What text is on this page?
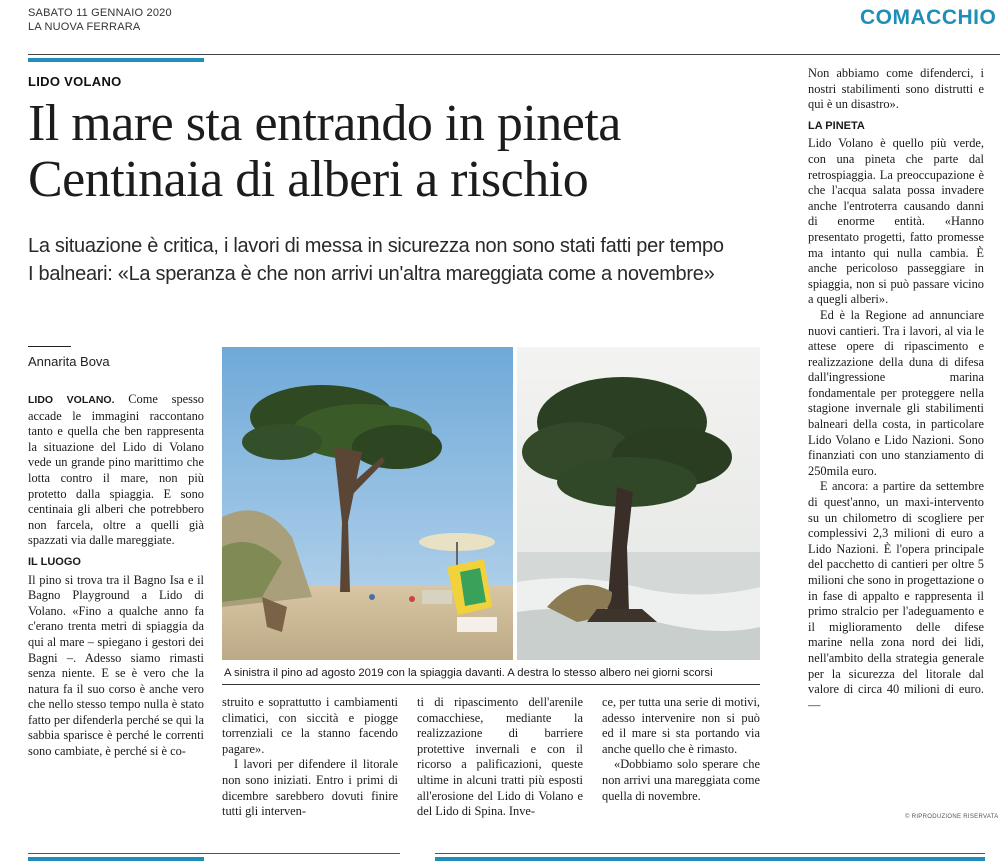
SABATO 11 GENNAIO 2020
LA NUOVA FERRARA	COMACCHIO
LIDO VOLANO
Il mare sta entrando in pineta
Centinaia di alberi a rischio
La situazione è critica, i lavori di messa in sicurezza non sono stati fatti per tempo
I balneari: «La speranza è che non arrivi un'altra mareggiata come a novembre»
Annarita Bova

LIDO VOLANO. Come spesso accade le immagini raccontano tanto e quella che ben rappresenta la situazione del Lido di Volano vede un grande pino marittimo che lotta contro il mare, non più protetto dalla spiaggia. E sono centinaia gli alberi che potrebbero non farcela, oltre a quelli già spazzati via dalle mareggiate.

IL LUOGO

Il pino si trova tra il Bagno Isa e il Bagno Playground a Lido di Volano. «Fino a qualche anno fa c'erano trenta metri di spiaggia da qui al mare – spiegano i gestori dei Bagni –. Adesso siamo rimasti senza niente. E se è vero che la natura fa il suo corso è anche vero che nello stesso tempo nulla è stato fatto per difenderla perché se qui la sabbia sparisce è perché le correnti sono cambiate, è perché si è co-

A sinistra il pino ad agosto 2019 con la spiaggia davanti. A destra lo stesso albero nei giorni scorsi

struito e soprattutto i cambiamenti climatici, con siccità e piogge torrenziali ce la stanno facendo pagare».

I lavori per difendere il litorale non sono iniziati. Entro i primi di dicembre sarebbero dovuti finire tutti gli interven-

ti di ripascimento dell'arenile comacchiese, mediante la realizzazione di barriere protettive invernali e con il ricorso a palificazioni, queste ultime in alcuni tratti più esposti all'erosione del Lido di Volano e del Lido di Spina. Inve-

ce, per tutta una serie di motivi, adesso intervenire non si può ed il mare si sta portando via anche quello che è rimasto.

«Dobbiamo solo sperare che non arrivi una mareggiata come quella di novembre.

Non abbiamo come difenderci, i nostri stabilimenti sono distrutti e qui è un disastro».

LA PINETA

Lido Volano è quello più verde, con una pineta che parte dal retrospiaggia. La preoccupazione è che l'acqua salata possa invadere anche l'entroterra causando danni di enorme entità. «Hanno presentato progetti, fatto promesse ma intanto qui nulla cambia. È anche pericoloso passeggiare in spiaggia, non si può passare vicino a quegli alberi».

Ed è la Regione ad annunciare nuovi cantieri. Tra i lavori, al via le attese opere di ripascimento e realizzazione della duna di difesa dall'ingressione marina fondamentale per proteggere nella stagione invernale gli stabilimenti balneari della costa, in particolare Lido Volano e Lido Nazioni. Sono finanziati con uno stanziamento di 250mila euro.

E ancora: a partire da settembre di quest'anno, un maxi-intervento su un chilometro di scogliere per complessivi 2,3 milioni di euro a Lido Nazioni. È l'opera principale del pacchetto di cantieri per oltre 5 milioni che sono in progettazione o in fase di appalto e rappresenta il primo stralcio per l'adeguamento e il miglioramento delle difese marine nella zona nord dei lidi, nell'ambito della strategia generale per la sicurezza del litorale dal valore di circa 40 milioni di euro. —

© RIPRODUZIONE RISERVATA
